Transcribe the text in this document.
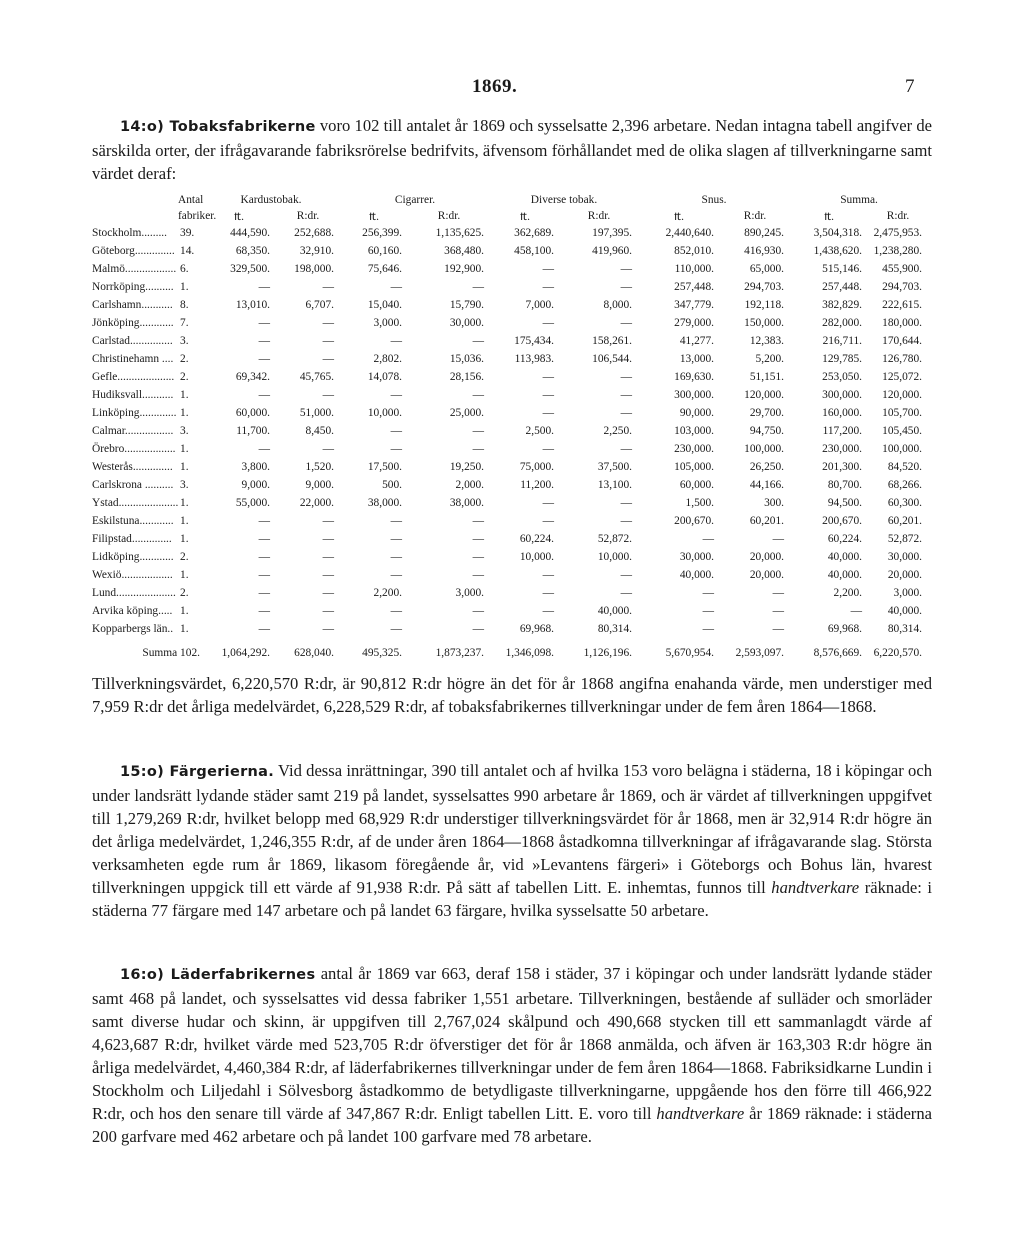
1869.	7

14:o) Tobaksfabrikerne voro 102 till antalet år 1869 och sysselsatte 2,396 arbetare. Nedan intagna tabell angifver de särskilda orter, der ifrågavarande fabriksrörelse bedrifvits, äfvensom förhållandet med de olika slagen af tillverkningarne samt värdet deraf:

	Antal	Kardustobak.		Cigarrer.		Diverse tobak.		Snus.		Summa.	
	fabriker.	₶.	R:dr.	₶.	R:dr.	₶.	R:dr.	₶.	R:dr.	₶.	R:dr.
Stockholm.........	39.	444,590.	252,688.	256,399.	1,135,625.	362,689.	197,395.	2,440,640.	890,245.	3,504,318.	2,475,953.
Göteborg..............	14.	68,350.	32,910.	60,160.	368,480.	458,100.	419,960.	852,010.	416,930.	1,438,620.	1,238,280.
Malmö..................	6.	329,500.	198,000.	75,646.	192,900.	—	—	110,000.	65,000.	515,146.	455,900.
Norrköping..........	1.	—	—	—	—	—	—	257,448.	294,703.	257,448.	294,703.
Carlshamn...........	8.	13,010.	6,707.	15,040.	15,790.	7,000.	8,000.	347,779.	192,118.	382,829.	222,615.
Jönköping............	7.	—	—	3,000.	30,000.	—	—	279,000.	150,000.	282,000.	180,000.
Carlstad...............	3.	—	—	—	—	175,434.	158,261.	41,277.	12,383.	216,711.	170,644.
Christinehamn ....	2.	—	—	2,802.	15,036.	113,983.	106,544.	13,000.	5,200.	129,785.	126,780.
Gefle....................	2.	69,342.	45,765.	14,078.	28,156.	—	—	169,630.	51,151.	253,050.	125,072.
Hudiksvall...........	1.	—	—	—	—	—	—	300,000.	120,000.	300,000.	120,000.
Linköping.............	1.	60,000.	51,000.	10,000.	25,000.	—	—	90,000.	29,700.	160,000.	105,700.
Calmar.................	3.	11,700.	8,450.	—	—	2,500.	2,250.	103,000.	94,750.	117,200.	105,450.
Örebro..................	1.	—	—	—	—	—	—	230,000.	100,000.	230,000.	100,000.
Westerås..............	1.	3,800.	1,520.	17,500.	19,250.	75,000.	37,500.	105,000.	26,250.	201,300.	84,520.
Carlskrona ..........	3.	9,000.	9,000.	500.	2,000.	11,200.	13,100.	60,000.	44,166.	80,700.	68,266.
Ystad.....................	1.	55,000.	22,000.	38,000.	38,000.	—	—	1,500.	300.	94,500.	60,300.
Eskilstuna............	1.	—	—	—	—	—	—	200,670.	60,201.	200,670.	60,201.
Filipstad..............	1.	—	—	—	—	60,224.	52,872.	—	—	60,224.	52,872.
Lidköping............	2.	—	—	—	—	10,000.	10,000.	30,000.	20,000.	40,000.	30,000.
Wexiö..................	1.	—	—	—	—	—	—	40,000.	20,000.	40,000.	20,000.
Lund.....................	2.	—	—	2,200.	3,000.	—	—	—	—	2,200.	3,000.
Arvika köping.....	1.	—	—	—	—	—	40,000.	—	—	—	40,000.
Kopparbergs län..	1.	—	—	—	—	69,968.	80,314.	—	—	69,968.	80,314.
Summa 102.		1,064,292.	628,040.	495,325.	1,873,237.	1,346,098.	1,126,196.	5,670,954.	2,593,097.	8,576,669.	6,220,570.

Tillverkningsvärdet, 6,220,570 R:dr, är 90,812 R:dr högre än det för år 1868 angifna enahanda värde, men understiger med 7,959 R:dr det årliga medelvärdet, 6,228,529 R:dr, af tobaksfabrikernes tillverkningar under de fem åren 1864—1868.

15:o) Färgerierna. Vid dessa inrättningar, 390 till antalet och af hvilka 153 voro belägna i städerna, 18 i köpingar och under landsrätt lydande städer samt 219 på landet, sysselsattes 990 arbetare år 1869, och är värdet af tillverkningen uppgifvet till 1,279,269 R:dr, hvilket belopp med 68,929 R:dr understiger tillverkningsvärdet för år 1868, men är 32,914 R:dr högre än det årliga medelvärdet, 1,246,355 R:dr, af de under åren 1864—1868 åstadkomna tillverkningar af ifrågavarande slag. Största verksamheten egde rum år 1869, likasom föregående år, vid »Levantens färgeri» i Göteborgs och Bohus län, hvarest tillverkningen uppgick till ett värde af 91,938 R:dr. På sätt af tabellen Litt. E. inhemtas, funnos till handtverkare räknade: i städerna 77 färgare med 147 arbetare och på landet 63 färgare, hvilka sysselsatte 50 arbetare.

16:o) Läderfabrikernes antal år 1869 var 663, deraf 158 i städer, 37 i köpingar och under landsrätt lydande städer samt 468 på landet, och sysselsattes vid dessa fabriker 1,551 arbetare. Tillverkningen, bestående af sulläder och smorläder samt diverse hudar och skinn, är uppgifven till 2,767,024 skålpund och 490,668 stycken till ett sammanlagdt värde af 4,623,687 R:dr, hvilket värde med 523,705 R:dr öfverstiger det för år 1868 anmälda, och äfven är 163,303 R:dr högre än årliga medelvärdet, 4,460,384 R:dr, af läderfabrikernes tillverkningar under de fem åren 1864—1868. Fabriksidkarne Lundin i Stockholm och Liljedahl i Sölvesborg åstadkommo de betydligaste tillverkningarne, uppgående hos den förre till 466,922 R:dr, och hos den senare till värde af 347,867 R:dr. Enligt tabellen Litt. E. voro till handtverkare år 1869 räknade: i städerna 200 garfvare med 462 arbetare och på landet 100 garfvare med 78 arbetare.
